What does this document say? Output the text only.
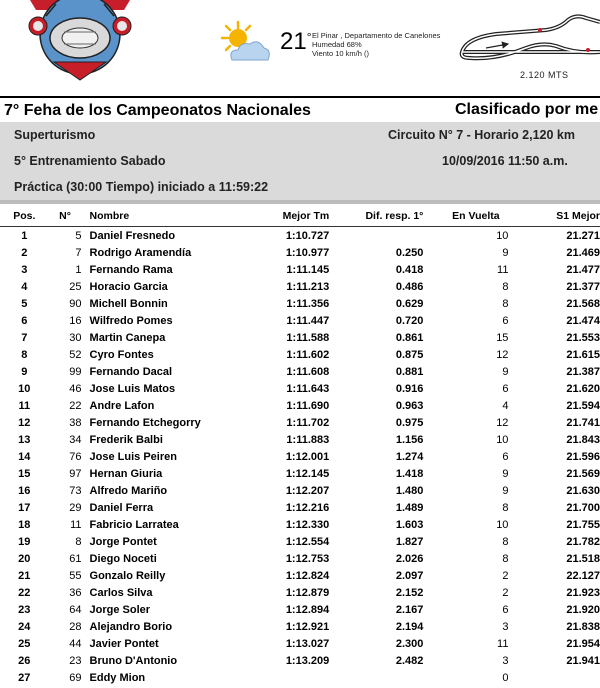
21° El Pinar , Departamento de Canelones
Humedad 68%
Viento 10 km/h ()
2.120 MTS
7° Feha de los Campeonatos Nacionales	Clasificado por me
Superturismo	Circuito N° 7 - Horario 2,120 km
5° Entrenamiento Sabado	10/09/2016 11:50 a.m.
Práctica (30:00 Tiempo) iniciado a 11:59:22
Pos.	N°	Nombre	Mejor Tm	Dif. resp. 1°	En Vuelta	S1 Mejor
1	5	Daniel Fresnedo	1:10.727		10	21.271
2	7	Rodrigo Aramendía	1:10.977	0.250	9	21.469
3	1	Fernando Rama	1:11.145	0.418	11	21.477
4	25	Horacio Garcia	1:11.213	0.486	8	21.377
5	90	Michell Bonnin	1:11.356	0.629	8	21.568
6	16	Wilfredo Pomes	1:11.447	0.720	6	21.474
7	30	Martin Canepa	1:11.588	0.861	15	21.553
8	52	Cyro Fontes	1:11.602	0.875	12	21.615
9	99	Fernando Dacal	1:11.608	0.881	9	21.387
10	46	Jose Luis Matos	1:11.643	0.916	6	21.620
11	22	Andre Lafon	1:11.690	0.963	4	21.594
12	38	Fernando Etchegorry	1:11.702	0.975	12	21.741
13	34	Frederik Balbi	1:11.883	1.156	10	21.843
14	76	Jose Luis Peiren	1:12.001	1.274	6	21.596
15	97	Hernan Giuria	1:12.145	1.418	9	21.569
16	73	Alfredo Mariño	1:12.207	1.480	9	21.630
17	29	Daniel Ferra	1:12.216	1.489	8	21.700
18	11	Fabricio Larratea	1:12.330	1.603	10	21.755
19	8	Jorge Pontet	1:12.554	1.827	8	21.782
20	61	Diego Noceti	1:12.753	2.026	8	21.518
21	55	Gonzalo Reilly	1:12.824	2.097	2	22.127
22	36	Carlos Silva	1:12.879	2.152	2	21.923
23	64	Jorge Soler	1:12.894	2.167	6	21.920
24	28	Alejandro Borio	1:12.921	2.194	3	21.838
25	44	Javier Pontet	1:13.027	2.300	11	21.954
26	23	Bruno D'Antonio	1:13.209	2.482	3	21.941
27	69	Eddy Mion			0	
